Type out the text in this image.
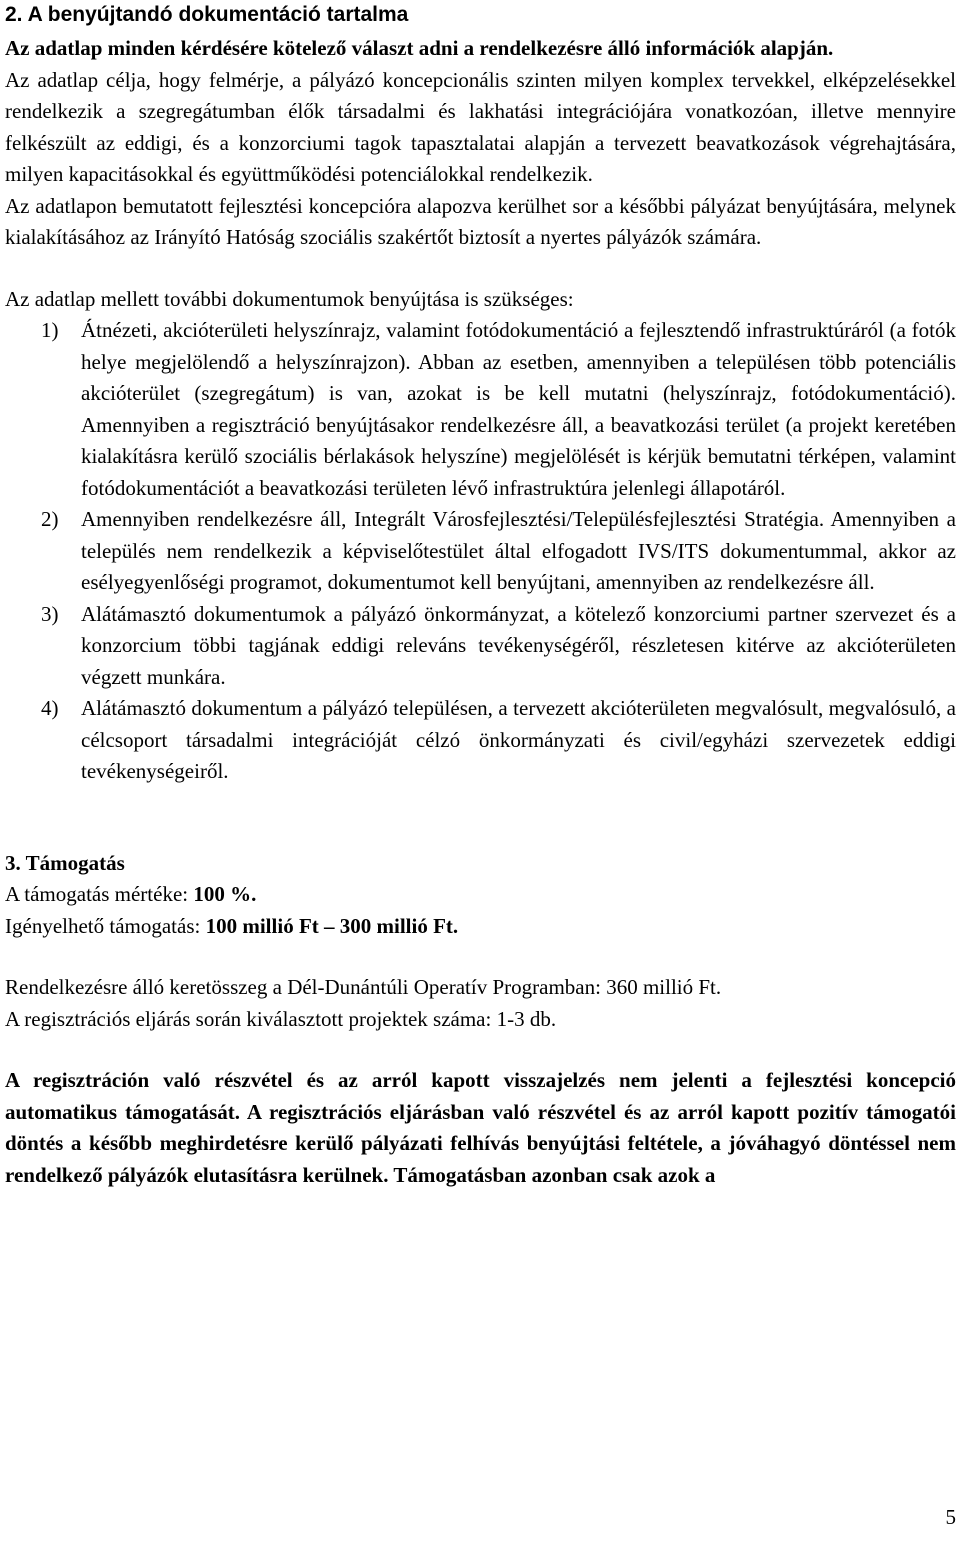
2. A benyújtandó dokumentáció tartalma

Az adatlap minden kérdésére kötelező választ adni a rendelkezésre álló információk alapján.

Az adatlap célja, hogy felmérje, a pályázó koncepcionális szinten milyen komplex tervekkel, elképzelésekkel rendelkezik a szegregátumban élők társadalmi és lakhatási integrációjára vonatkozóan, illetve mennyire felkészült az eddigi, és a konzorciumi tagok tapasztalatai alapján a tervezett beavatkozások végrehajtására, milyen kapacitásokkal és együttműködési potenciálokkal rendelkezik.

Az adatlapon bemutatott fejlesztési koncepcióra alapozva kerülhet sor a későbbi pályázat benyújtására, melynek kialakításához az Irányító Hatóság szociális szakértőt biztosít a nyertes pályázók számára.

Az adatlap mellett további dokumentumok benyújtása is szükséges:

1)	Átnézeti, akcióterületi helyszínrajz, valamint fotódokumentáció a fejlesztendő infrastruktúráról (a fotók helye megjelölendő a helyszínrajzon). Abban az esetben, amennyiben a településen több potenciális akcióterület (szegregátum) is van, azokat is be kell mutatni (helyszínrajz, fotódokumentáció). Amennyiben a regisztráció benyújtásakor rendelkezésre áll, a beavatkozási terület (a projekt keretében kialakításra kerülő szociális bérlakások helyszíne) megjelölését is kérjük bemutatni térképen, valamint fotódokumentációt a beavatkozási területen lévő infrastruktúra jelenlegi állapotáról.
2)	Amennyiben rendelkezésre áll, Integrált Városfejlesztési/Településfejlesztési Stratégia. Amennyiben a település nem rendelkezik a képviselőtestület által elfogadott IVS/ITS dokumentummal, akkor az esélyegyenlőségi programot, dokumentumot kell benyújtani, amennyiben az rendelkezésre áll.
3)	Alátámasztó dokumentumok a pályázó önkormányzat, a kötelező konzorciumi partner szervezet és a konzorcium többi tagjának eddigi releváns tevékenységéről, részletesen kitérve az akcióterületen végzett munkára.
4)	Alátámasztó dokumentum a pályázó településen, a tervezett akcióterületen megvalósult, megvalósuló, a célcsoport társadalmi integrációját célzó önkormányzati és civil/egyházi szervezetek eddigi tevékenységeiről.

3. Támogatás

A támogatás mértéke: 100 %.

Igényelhető támogatás: 100 millió Ft – 300 millió Ft.

Rendelkezésre álló keretösszeg a Dél-Dunántúli Operatív Programban: 360 millió Ft.

A regisztrációs eljárás során kiválasztott projektek száma: 1-3 db.

A regisztráción való részvétel és az arról kapott visszajelzés nem jelenti a fejlesztési koncepció automatikus támogatását. A regisztrációs eljárásban való részvétel és az arról kapott pozitív támogatói döntés a később meghirdetésre kerülő pályázati felhívás benyújtási feltétele, a jóváhagyó döntéssel nem rendelkező pályázók elutasításra kerülnek. Támogatásban azonban csak azok a

5
